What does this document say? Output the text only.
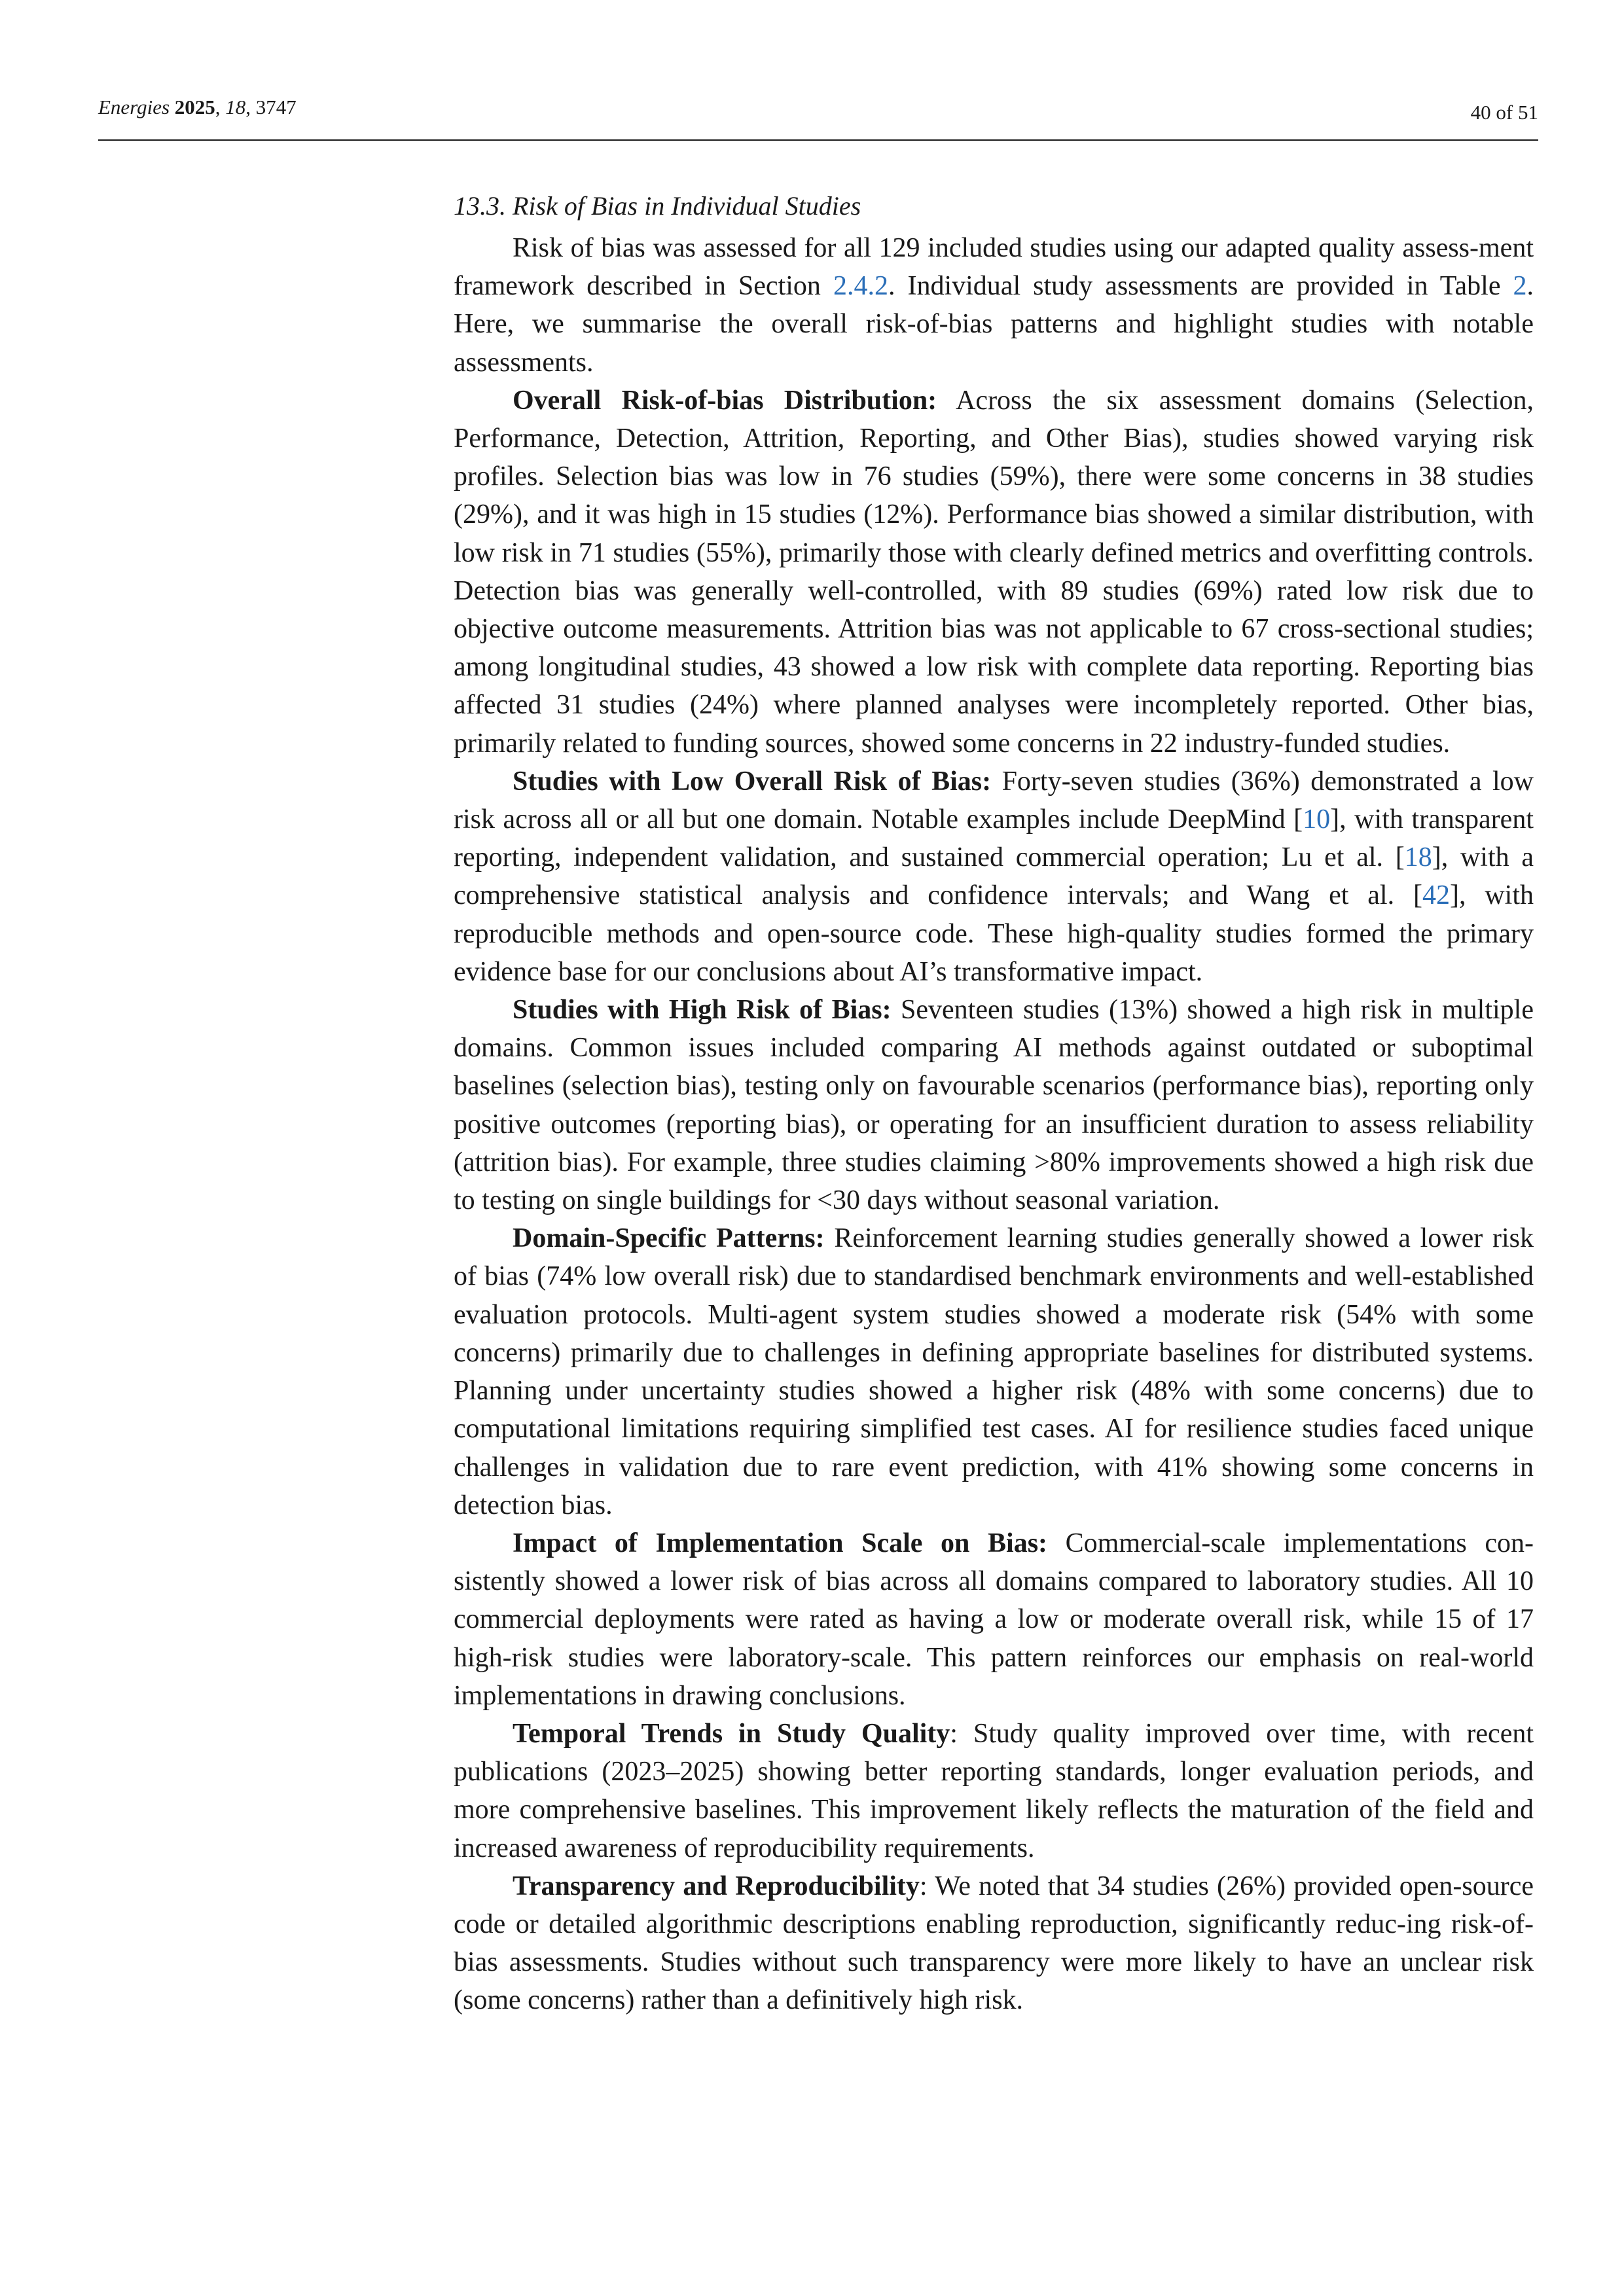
Energies 2025, 18, 3747	40 of 51
13.3. Risk of Bias in Individual Studies

Risk of bias was assessed for all 129 included studies using our adapted quality assess-ment framework described in Section 2.4.2. Individual study assessments are provided in Table 2. Here, we summarise the overall risk-of-bias patterns and highlight studies with notable assessments.

Overall Risk-of-bias Distribution: Across the six assessment domains (Selection, Performance, Detection, Attrition, Reporting, and Other Bias), studies showed varying risk profiles. Selection bias was low in 76 studies (59%), there were some concerns in 38 studies (29%), and it was high in 15 studies (12%). Performance bias showed a similar distribution, with low risk in 71 studies (55%), primarily those with clearly defined metrics and overfitting controls. Detection bias was generally well-controlled, with 89 studies (69%) rated low risk due to objective outcome measurements. Attrition bias was not applicable to 67 cross-sectional studies; among longitudinal studies, 43 showed a low risk with complete data reporting. Reporting bias affected 31 studies (24%) where planned analyses were incompletely reported. Other bias, primarily related to funding sources, showed some concerns in 22 industry-funded studies.

Studies with Low Overall Risk of Bias: Forty-seven studies (36%) demonstrated a low risk across all or all but one domain. Notable examples include DeepMind [10], with transparent reporting, independent validation, and sustained commercial operation; Lu et al. [18], with a comprehensive statistical analysis and confidence intervals; and Wang et al. [42], with reproducible methods and open-source code. These high-quality studies formed the primary evidence base for our conclusions about AI’s transformative impact.

Studies with High Risk of Bias: Seventeen studies (13%) showed a high risk in multiple domains. Common issues included comparing AI methods against outdated or suboptimal baselines (selection bias), testing only on favourable scenarios (performance bias), reporting only positive outcomes (reporting bias), or operating for an insufficient duration to assess reliability (attrition bias). For example, three studies claiming >80% improvements showed a high risk due to testing on single buildings for <30 days without seasonal variation.

Domain-Specific Patterns: Reinforcement learning studies generally showed a lower risk of bias (74% low overall risk) due to standardised benchmark environments and well-established evaluation protocols. Multi-agent system studies showed a moderate risk (54% with some concerns) primarily due to challenges in defining appropriate baselines for distributed systems. Planning under uncertainty studies showed a higher risk (48% with some concerns) due to computational limitations requiring simplified test cases. AI for resilience studies faced unique challenges in validation due to rare event prediction, with 41% showing some concerns in detection bias.

Impact of Implementation Scale on Bias: Commercial-scale implementations con-sistently showed a lower risk of bias across all domains compared to laboratory studies. All 10 commercial deployments were rated as having a low or moderate overall risk, while 15 of 17 high-risk studies were laboratory-scale. This pattern reinforces our emphasis on real-world implementations in drawing conclusions.

Temporal Trends in Study Quality: Study quality improved over time, with recent publications (2023–2025) showing better reporting standards, longer evaluation periods, and more comprehensive baselines. This improvement likely reflects the maturation of the field and increased awareness of reproducibility requirements.

Transparency and Reproducibility: We noted that 34 studies (26%) provided open-source code or detailed algorithmic descriptions enabling reproduction, significantly reduc-ing risk-of-bias assessments. Studies without such transparency were more likely to have an unclear risk (some concerns) rather than a definitively high risk.
